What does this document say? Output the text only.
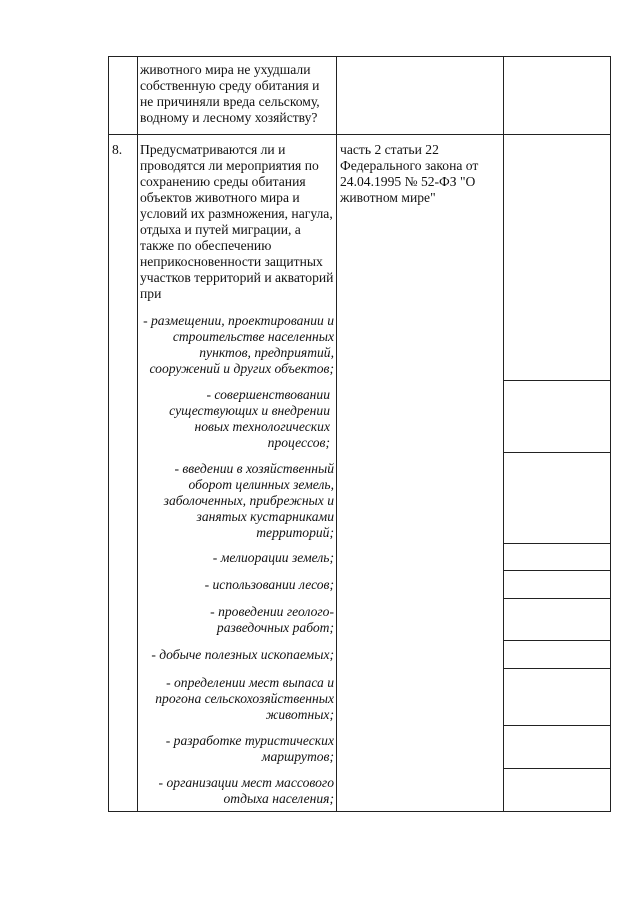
животного мира не ухудшали собственную среду обитания и не причиняли вреда сельскому, водному и лесному хозяйству?
8.	Предусматриваются ли и проводятся ли мероприятия по сохранению среды обитания объектов животного мира и условий их размножения, нагула, отдыха и путей миграции, а также по обеспечению неприкосновенности защитных участков территорий и акваторий при
часть 2 статьи 22 Федерального закона от 24.04.1995 № 52-ФЗ "О животном мире"
- размещении, проектировании и строительстве населенных пунктов, предприятий, сооружений и других объектов;
- совершенствовании существующих и внедрении новых технологических процессов;
- введении в хозяйственный оборот целинных земель, заболоченных, прибрежных и занятых кустарниками территорий;
- мелиорации земель;
- использовании лесов;
- проведении геолого-разведочных работ;
- добыче полезных ископаемых;
- определении мест выпаса и прогона сельскохозяйственных животных;
- разработке туристических маршрутов;
- организации мест массового отдыха населения;
